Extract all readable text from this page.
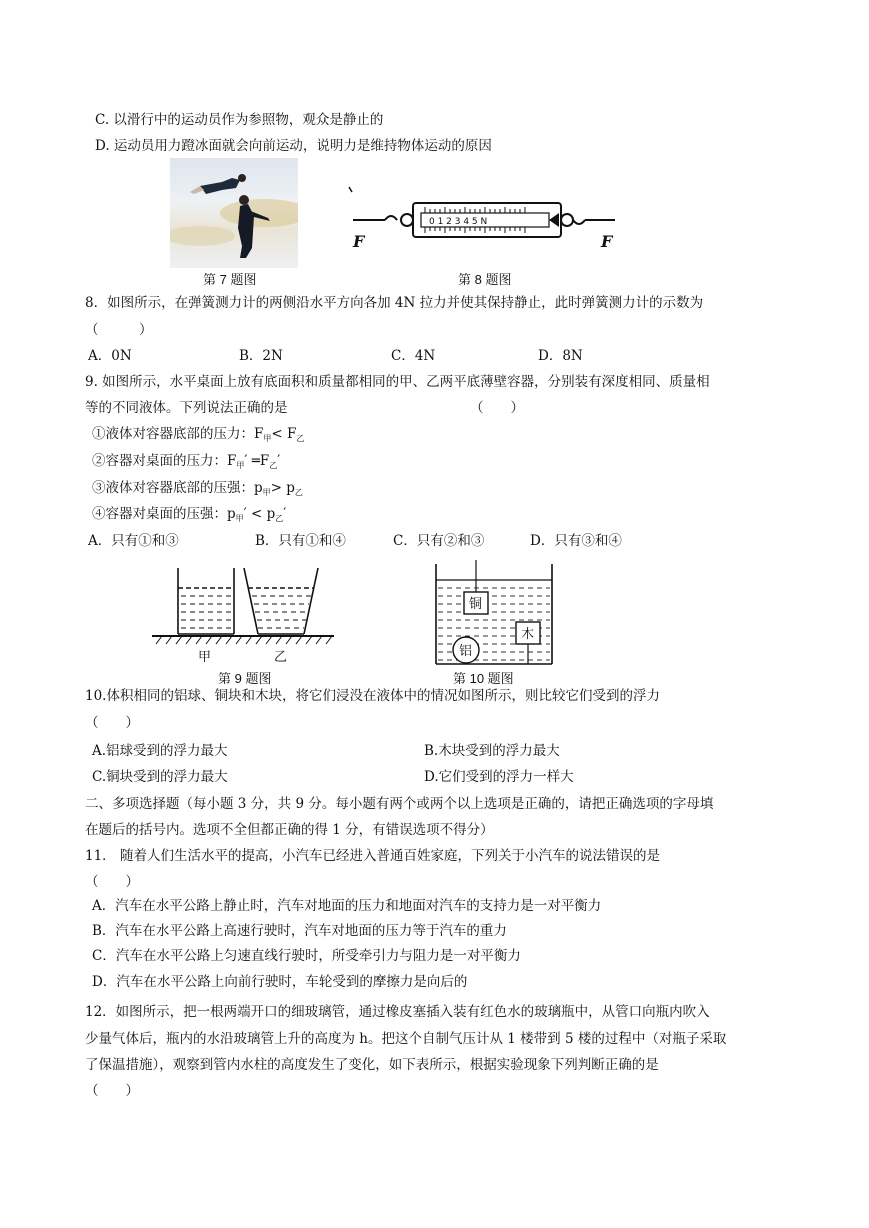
C. 以滑行中的运动员作为参照物，观众是静止的
D. 运动员用力蹬冰面就会向前运动，说明力是维持物体运动的原因
第 7 题图
0 1 2 3 4 5 N
F	F
第 8 题图
8．如图所示，在弹簧测力计的两侧沿水平方向各加 4N 拉力并使其保持静止，此时弹簧测力计的示数为
（　　　）
A．0N	B．2N	C．4N	D．8N
9. 如图所示，水平桌面上放有底面积和质量都相同的甲、乙两平底薄壁容器，分别装有深度相同、质量相
等的不同液体。下列说法正确的是	（　　）
①液体对容器底部的压力：$F_甲< F_乙$
②容器对桌面的压力：$F_甲'$ $═F_乙'$
③液体对容器底部的压强：$p_甲> p_乙$
④容器对桌面的压强：$p_甲' < p_乙'$
A．只有①和③	B．只有①和④	C．只有②和③	D．只有③和④
甲	乙
第 9 题图
铜
木
铝
第 10 题图
10.体积相同的铝球、铜块和木块，将它们浸没在液体中的情况如图所示，则比较它们受到的浮力
（　　）
A.铝球受到的浮力最大	B.木块受到的浮力最大
C.铜块受到的浮力最大	D.它们受到的浮力一样大
二、多项选择题（每小题 3 分，共 9 分。每小题有两个或两个以上选项是正确的，请把正确选项的字母填
在题后的括号内。选项不全但都正确的得 1 分，有错误选项不得分）
11． 随着人们生活水平的提高，小汽车已经进入普通百姓家庭，下列关于小汽车的说法错误的是
（　　）
A．汽车在水平公路上静止时，汽车对地面的压力和地面对汽车的支持力是一对平衡力
B．汽车在水平公路上高速行驶时，汽车对地面的压力等于汽车的重力
C．汽车在水平公路上匀速直线行驶时，所受牵引力与阻力是一对平衡力
D．汽车在水平公路上向前行驶时，车轮受到的摩擦力是向后的
12．如图所示，把一根两端开口的细玻璃管，通过橡皮塞插入装有红色水的玻璃瓶中，从管口向瓶内吹入
少量气体后，瓶内的水沿玻璃管上升的高度为 h。把这个自制气压计从 1 楼带到 5 楼的过程中（对瓶子采取
了保温措施），观察到管内水柱的高度发生了变化，如下表所示，根据实验现象下列判断正确的是
（　　）
